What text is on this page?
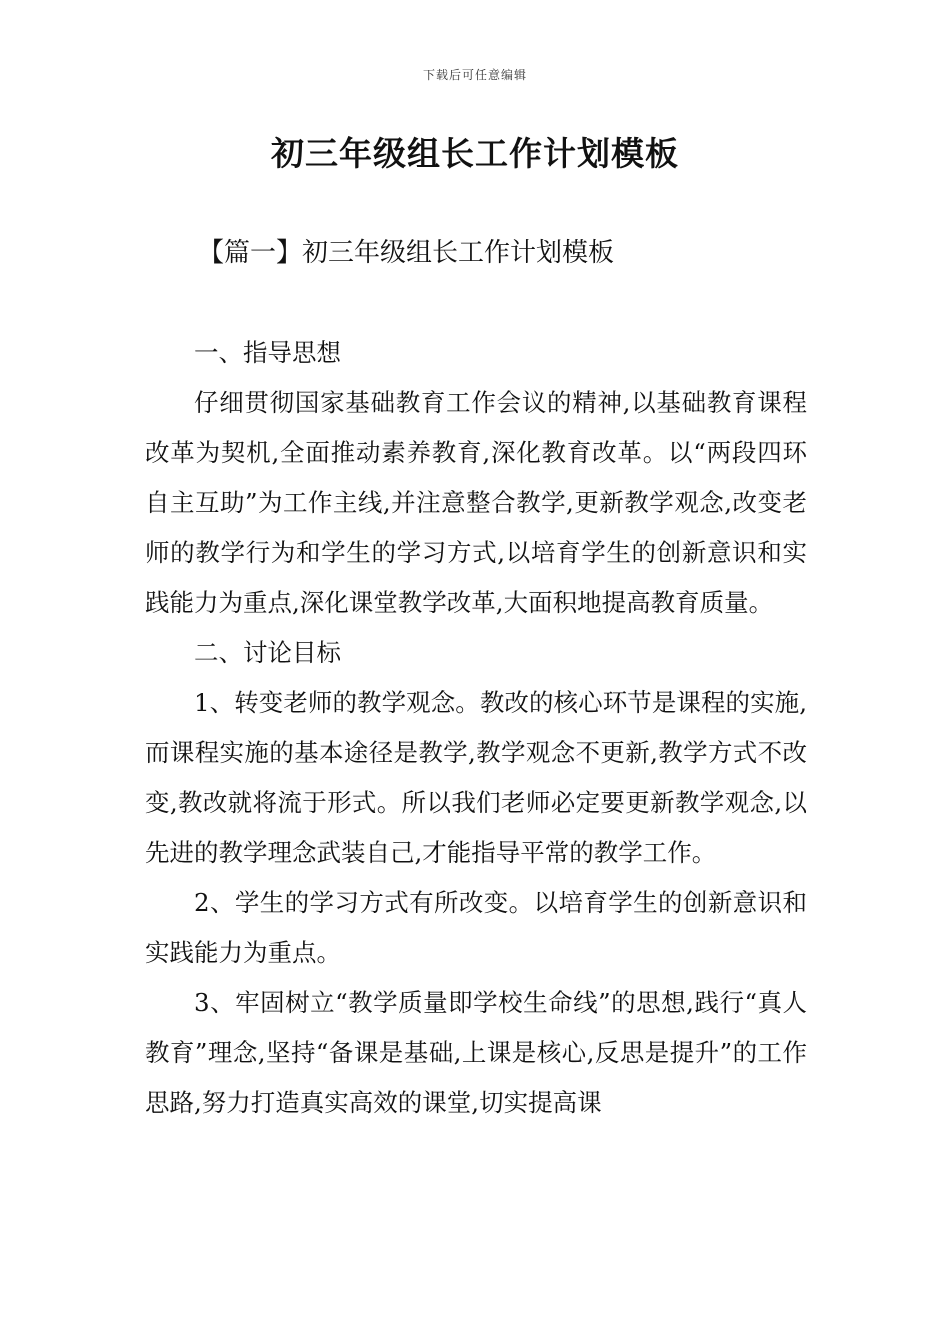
下载后可任意编辑
初三年级组长工作计划模板
【篇一】初三年级组长工作计划模板

一、指导思想

仔细贯彻国家基础教育工作会议的精神,以基础教育课程改革为契机,全面推动素养教育,深化教育改革。以“两段四环自主互助”为工作主线,并注意整合教学,更新教学观念,改变老师的教学行为和学生的学习方式,以培育学生的创新意识和实践能力为重点,深化课堂教学改革,大面积地提高教育质量。

二、讨论目标

1、转变老师的教学观念。教改的核心环节是课程的实施,而课程实施的基本途径是教学,教学观念不更新,教学方式不改变,教改就将流于形式。所以我们老师必定要更新教学观念,以先进的教学理念武装自己,才能指导平常的教学工作。

2、学生的学习方式有所改变。以培育学生的创新意识和实践能力为重点。

3、牢固树立“教学质量即学校生命线”的思想,践行“真人教育”理念,坚持“备课是基础,上课是核心,反思是提升”的工作思路,努力打造真实高效的课堂,切实提高课
